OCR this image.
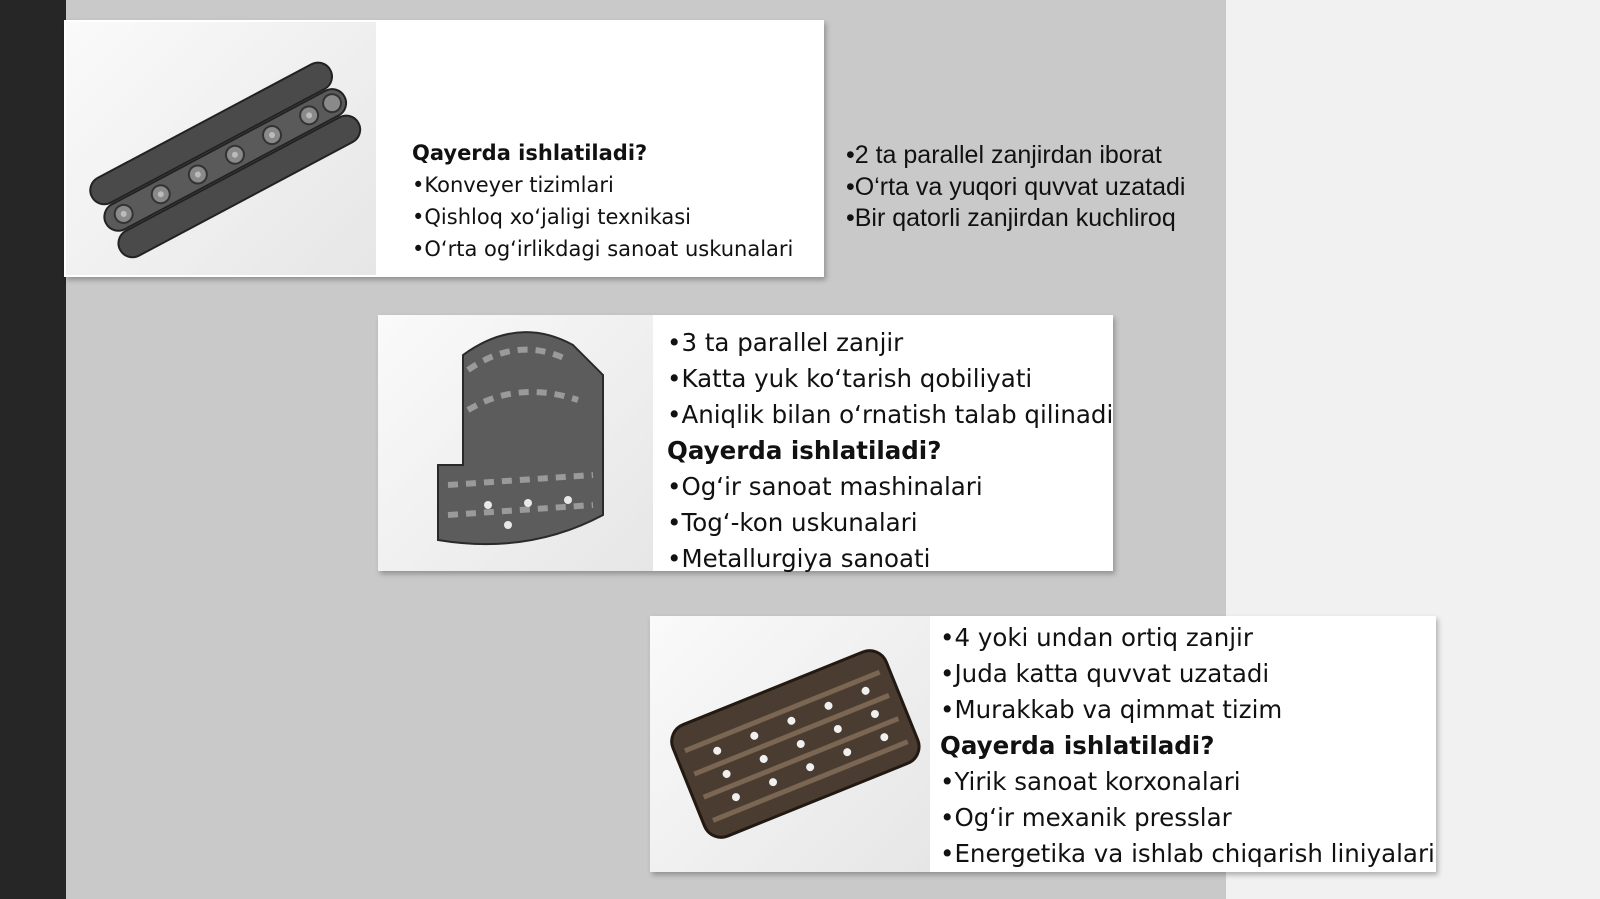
Qayerda ishlatiladi?
•Konveyer tizimlari
•Qishloq xo‘jaligi texnikasi
•O‘rta og‘irlikdagi sanoat uskunalari
•2 ta parallel zanjirdan iborat
•O‘rta va yuqori quvvat uzatadi
•Bir qatorli zanjirdan kuchliroq
•3 ta parallel zanjir
•Katta yuk ko‘tarish qobiliyati
•Aniqlik bilan o‘rnatish talab qilinadi
Qayerda ishlatiladi?
•Og‘ir sanoat mashinalari
•Tog‘-kon uskunalari
•Metallurgiya sanoati
•4 yoki undan ortiq zanjir
•Juda katta quvvat uzatadi
•Murakkab va qimmat tizim
Qayerda ishlatiladi?
•Yirik sanoat korxonalari
•Og‘ir mexanik presslar
•Energetika va ishlab chiqarish liniyalari
